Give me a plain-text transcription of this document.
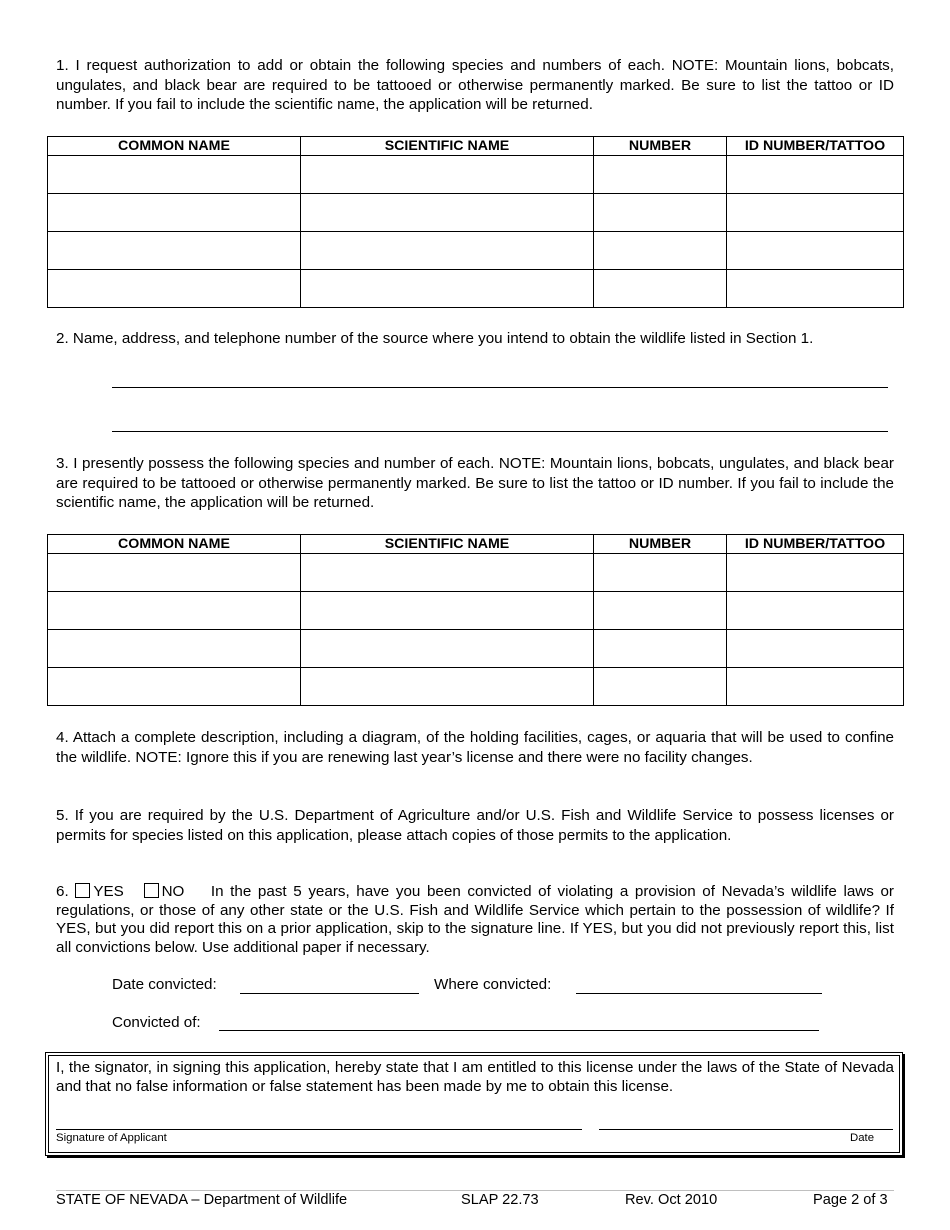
1. I request authorization to add or obtain the following species and numbers of each. NOTE: Mountain lions, bobcats, ungulates, and black bear are required to be tattooed or otherwise permanently marked. Be sure to list the tattoo or ID number. If you fail to include the scientific name, the application will be returned.

COMMON NAME	SCIENTIFIC NAME	NUMBER	ID NUMBER/TATTOO

2. Name, address, and telephone number of the source where you intend to obtain the wildlife listed in Section 1.

3. I presently possess the following species and number of each. NOTE: Mountain lions, bobcats, ungulates, and black bear are required to be tattooed or otherwise permanently marked. Be sure to list the tattoo or ID number. If you fail to include the scientific name, the application will be returned.

COMMON NAME	SCIENTIFIC NAME	NUMBER	ID NUMBER/TATTOO

4. Attach a complete description, including a diagram, of the holding facilities, cages, or aquaria that will be used to confine the wildlife. NOTE: Ignore this if you are renewing last year’s license and there were no facility changes.

5. If you are required by the U.S. Department of Agriculture and/or U.S. Fish and Wildlife Service to possess licenses or permits for species listed on this application, please attach copies of those permits to the application.

6. YES NO In the past 5 years, have you been convicted of violating a provision of Nevada’s wildlife laws or regulations, or those of any other state or the U.S. Fish and Wildlife Service which pertain to the possession of wildlife? If YES, but you did report this on a prior application, skip to the signature line. If YES, but you did not previously report this, list all convictions below. Use additional paper if necessary.

Date convicted:	Where convicted:
Convicted of:

I, the signator, in signing this application, hereby state that I am entitled to this license under the laws of the State of Nevada and that no false information or false statement has been made by me to obtain this license.

Signature of Applicant	Date
STATE OF NEVADA – Department of Wildlife	SLAP 22.73	Rev. Oct 2010	Page 2 of 3
